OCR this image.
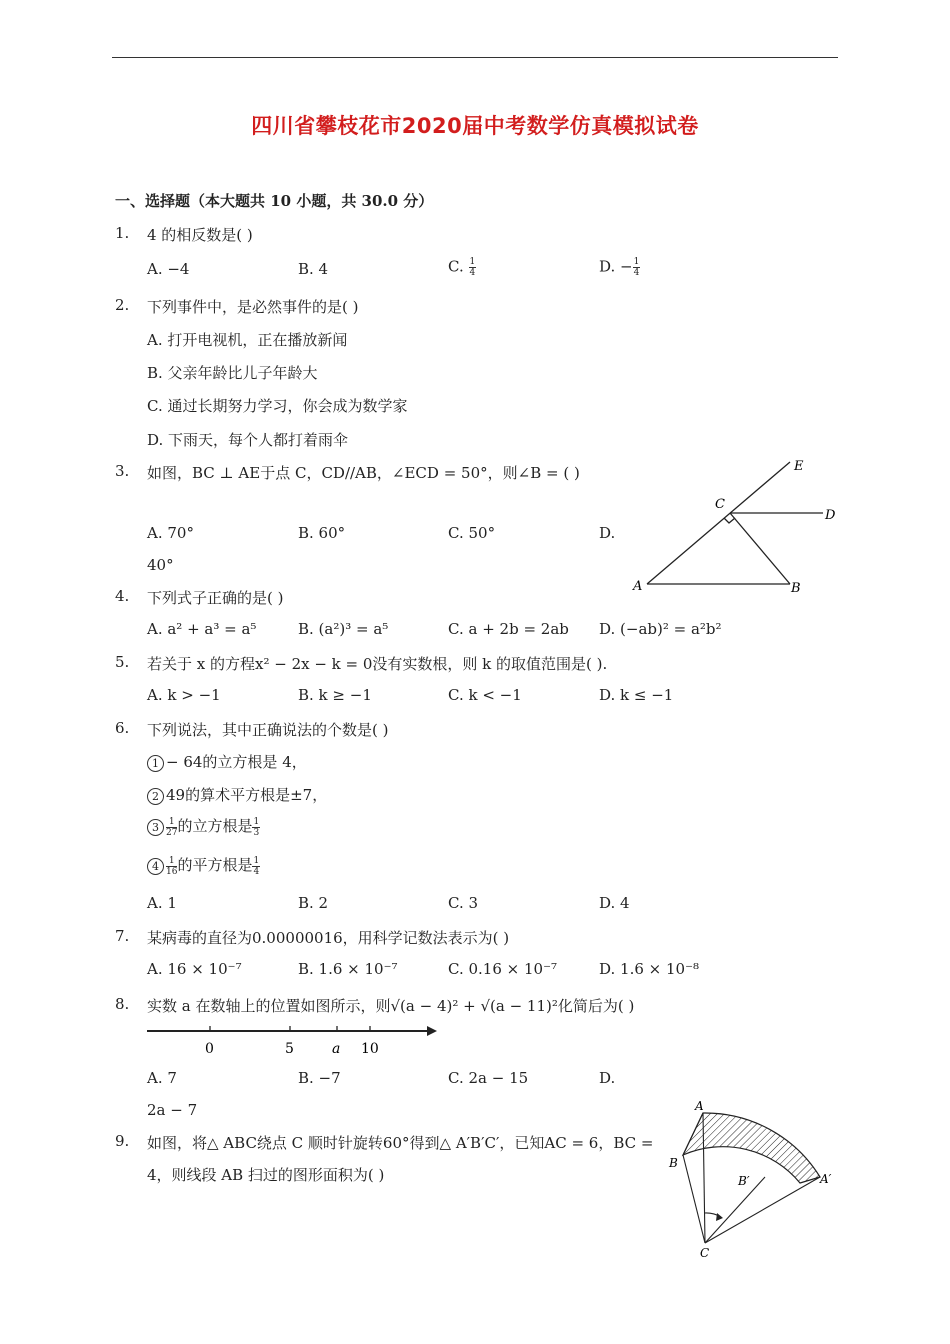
四川省攀枝花市2020届中考数学仿真模拟试卷
一、选择题（本大题共 10 小题，共 30.0 分）
1. 4 的相反数是( )
A. −4	B. 4	C. $\frac{1}{4}$	D. − $\frac{1}{4}$
2. 下列事件中，是必然事件的是( )
A. 打开电视机，正在播放新闻
B. 父亲年龄比儿子年龄大
C. 通过长期努力学习，你会成为数学家
D. 下雨天，每个人都打着雨伞
3. 如图，BC ⊥ AE于点 C，CD//AB，∠ECD = 50°，则∠B = ( )
A. 70°	B. 60°	C. 50°	D.
40°
A	B
C
D
E
4. 下列式子正确的是( )
A. a² + a³ = a⁵	B. (a²)³ = a⁵	C. a + 2b = 2ab D. (−ab)² = a²b²
5. 若关于 x 的方程x² − 2x − k = 0没有实数根，则 k 的取值范围是( ).
A. k > −1	B. k ≥ −1	C. k < −1	D. k ≤ −1
6. 下列说法，其中正确说法的个数是( )
1 − 64的立方根是 4，
2 49的算术平方根是±7，
$3 \frac{1}{27}$ 的立方根是 $\frac{1}{3}$
$4 \frac{1}{16}$ 的平方根是 $\frac{1}{4}$
A. 1	B. 2	C. 3	D. 4
7. 某病毒的直径为0.00000016，用科学记数法表示为( )
A. 16 × 10⁻⁷	B. 1.6 × 10⁻⁷	C. 0.16 × 10⁻⁷	D. 1.6 × 10⁻⁸
8. 实数 a 在数轴上的位置如图所示，则√(a − 4)² + √(a − 11)²化简后为( )
0	5	a 10
A. 7	B. −7	C. 2a − 15	D.
2a − 7
9. 如图，将△ ABC绕点 C 顺时针旋转60°得到△ A′B′C′，已知AC = 6，BC =
4，则线段 AB 扫过的图形面积为( )
A
B
B′	A′
C
